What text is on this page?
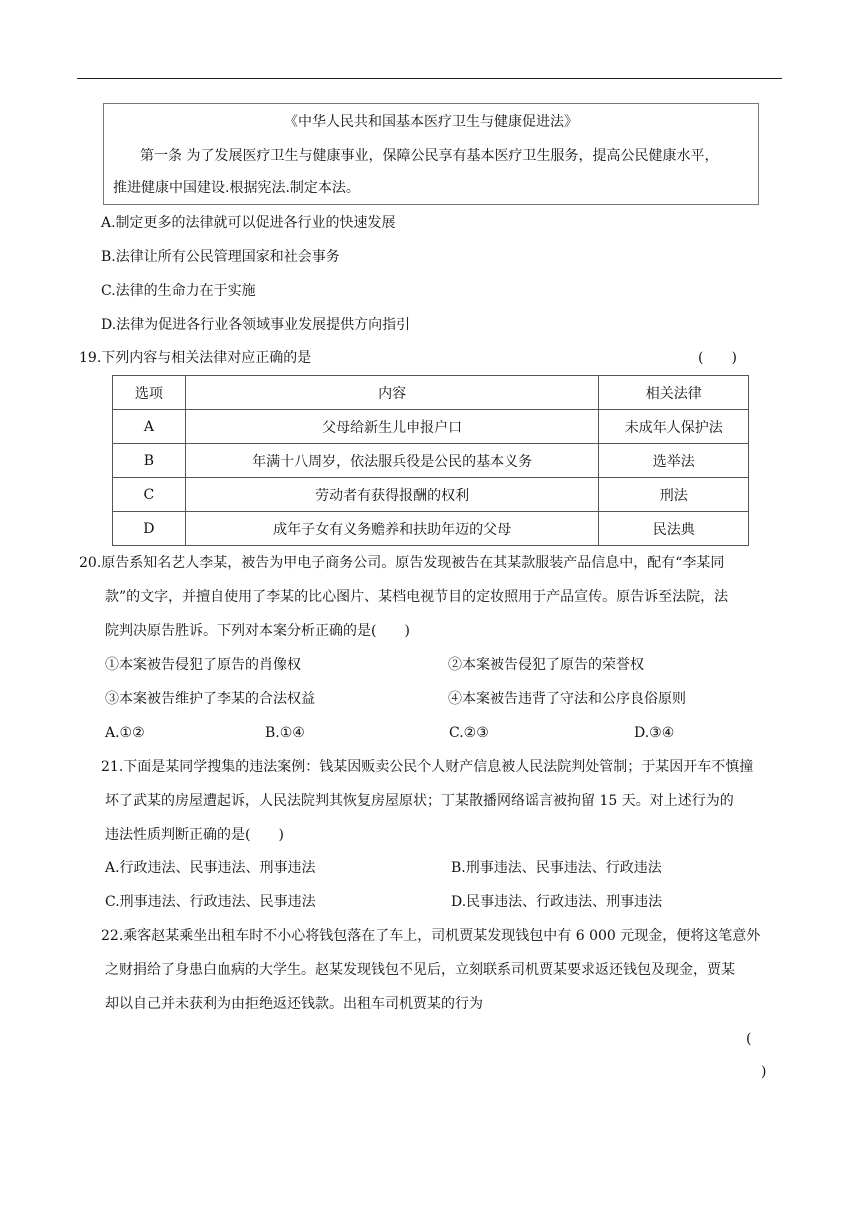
《中华人民共和国基本医疗卫生与健康促进法》
第一条 为了发展医疗卫生与健康事业，保障公民享有基本医疗卫生服务，提高公民健康水平，
推进健康中国建设.根据宪法.制定本法。
A.制定更多的法律就可以促进各行业的快速发展
B.法律让所有公民管理国家和社会事务
C.法律的生命力在于实施
D.法律为促进各行业各领域事业发展提供方向指引
19.下列内容与相关法律对应正确的是	(　　)
选项	内容	相关法律
A	父母给新生儿申报户口	未成年人保护法
B	年满十八周岁，依法服兵役是公民的基本义务	选举法
C	劳动者有获得报酬的权利	刑法
D	成年子女有义务赡养和扶助年迈的父母	民法典
20.原告系知名艺人李某，被告为甲电子商务公司。原告发现被告在其某款服装产品信息中，配有“李某同
款”的文字，并擅自使用了李某的比心图片、某档电视节目的定妆照用于产品宣传。原告诉至法院，法
院判决原告胜诉。下列对本案分析正确的是(　　)
①本案被告侵犯了原告的肖像权	②本案被告侵犯了原告的荣誉权
③本案被告维护了李某的合法权益	④本案被告违背了守法和公序良俗原则
A.①②	B.①④	C.②③	D.③④
21.下面是某同学搜集的违法案例：钱某因贩卖公民个人财产信息被人民法院判处管制；于某因开车不慎撞
坏了武某的房屋遭起诉，人民法院判其恢复房屋原状；丁某散播网络谣言被拘留 15 天。对上述行为的
违法性质判断正确的是(　　)
A.行政违法、民事违法、刑事违法	B.刑事违法、民事违法、行政违法
C.刑事违法、行政违法、民事违法	D.民事违法、行政违法、刑事违法
22.乘客赵某乘坐出租车时不小心将钱包落在了车上，司机贾某发现钱包中有 6 000 元现金，便将这笔意外
之财捐给了身患白血病的大学生。赵某发现钱包不见后，立刻联系司机贾某要求返还钱包及现金，贾某
却以自己并未获利为由拒绝返还钱款。出租车司机贾某的行为
(
)
